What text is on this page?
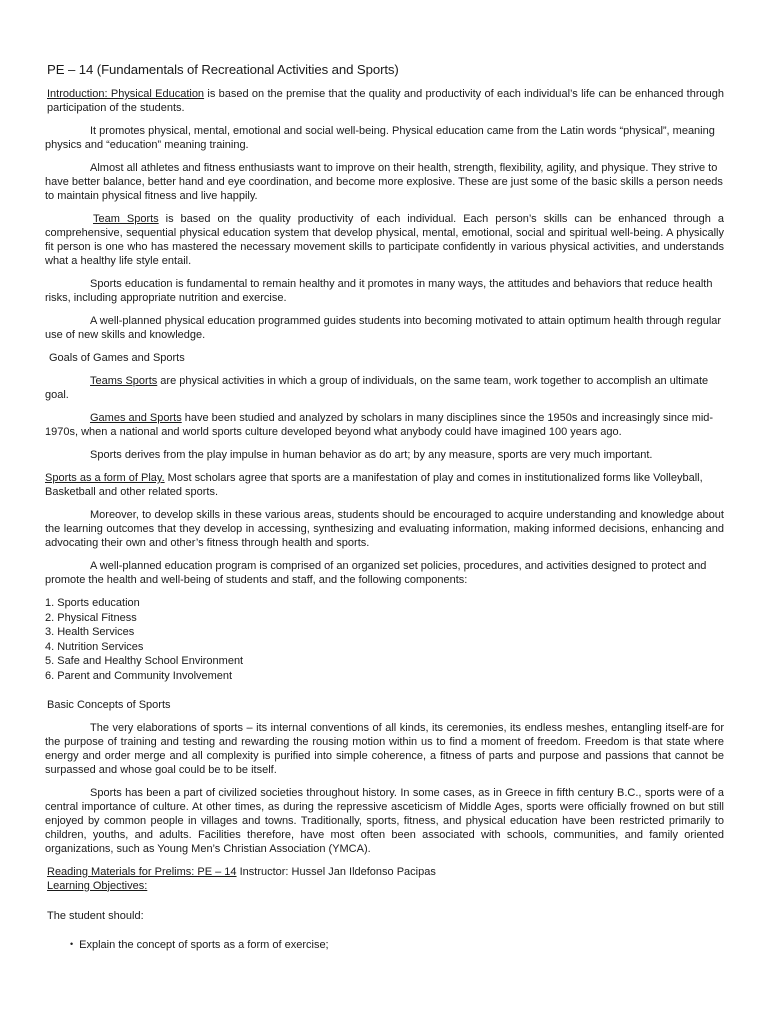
PE – 14 (Fundamentals of Recreational Activities and Sports)

Introduction: Physical Education is based on the premise that the quality and productivity of each individual’s life can be enhanced through participation of the students.

It promotes physical, mental, emotional and social well-being. Physical education came from the Latin words “physical”, meaning physics and “education” meaning training.

Almost all athletes and fitness enthusiasts want to improve on their health, strength, flexibility, agility, and physique. They strive to have better balance, better hand and eye coordination, and become more explosive. These are just some of the basic skills a person needs to maintain physical fitness and live happily.

Team Sports is based on the quality productivity of each individual. Each person’s skills can be enhanced through a comprehensive, sequential physical education system that develop physical, mental, emotional, social and spiritual well-being. A physically fit person is one who has mastered the necessary movement skills to participate confidently in various physical activities, and understands what a healthy life style entail.

Sports education is fundamental to remain healthy and it promotes in many ways, the attitudes and behaviors that reduce health risks, including appropriate nutrition and exercise.

A well-planned physical education programmed guides students into becoming motivated to attain optimum health through regular use of new skills and knowledge.

Goals of Games and Sports

Teams Sports are physical activities in which a group of individuals, on the same team, work together to accomplish an ultimate goal.

Games and Sports have been studied and analyzed by scholars in many disciplines since the 1950s and increasingly since mid-1970s, when a national and world sports culture developed beyond what anybody could have imagined 100 years ago.

Sports derives from the play impulse in human behavior as do art; by any measure, sports are very much important.

Sports as a form of Play. Most scholars agree that sports are a manifestation of play and comes in institutionalized forms like Volleyball, Basketball and other related sports.

Moreover, to develop skills in these various areas, students should be encouraged to acquire understanding and knowledge about the learning outcomes that they develop in accessing, synthesizing and evaluating information, making informed decisions, enhancing and advocating their own and other’s fitness through health and sports.

A well-planned education program is comprised of an organized set policies, procedures, and activities designed to protect and promote the health and well-being of students and staff, and the following components:

1. Sports education
2. Physical Fitness
3. Health Services
4. Nutrition Services
5. Safe and Healthy School Environment
6. Parent and Community Involvement
Basic Concepts of Sports

The very elaborations of sports – its internal conventions of all kinds, its ceremonies, its endless meshes, entangling itself-are for the purpose of training and testing and rewarding the rousing motion within us to find a moment of freedom. Freedom is that state where energy and order merge and all complexity is purified into simple coherence, a fitness of parts and purpose and passions that cannot be surpassed and whose goal could be to be itself.

Sports has been a part of civilized societies throughout history. In some cases, as in Greece in fifth century B.C., sports were of a central importance of culture. At other times, as during the repressive asceticism of Middle Ages, sports were officially frowned on but still enjoyed by common people in villages and towns. Traditionally, sports, fitness, and physical education have been restricted primarily to children, youths, and adults. Facilities therefore, have most often been associated with schools, communities, and family oriented organizations, such as Young Men’s Christian Association (YMCA).

Reading Materials for Prelims: PE – 14 Instructor: Hussel Jan Ildefonso Pacipas
Learning Objectives:
The student should:
• Explain the concept of sports as a form of exercise;
